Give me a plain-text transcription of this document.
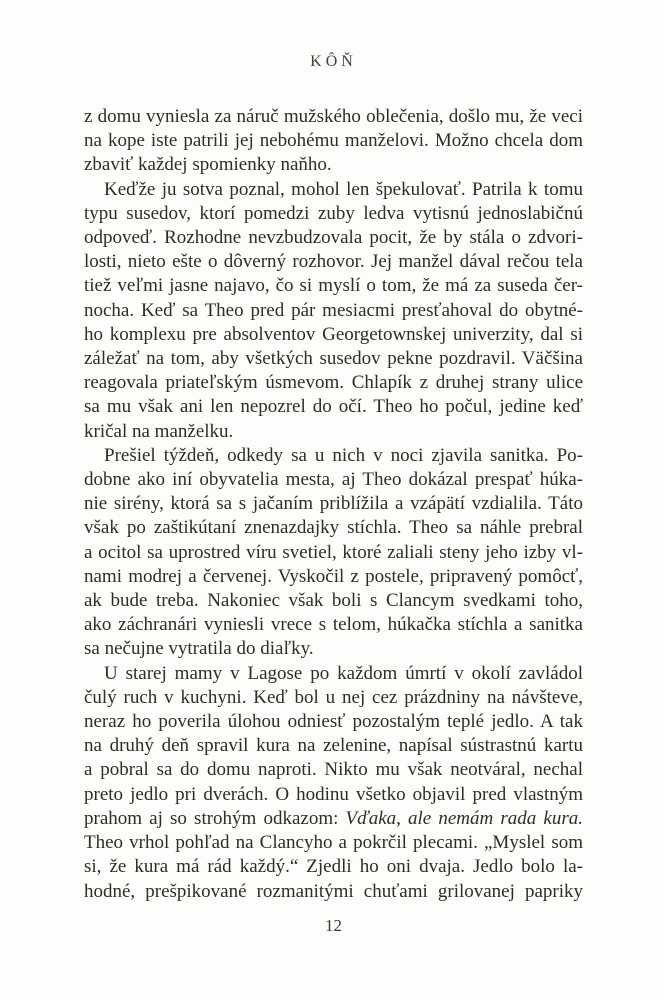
KÔŇ
z domu vyniesla za náruč mužského oblečenia, došlo mu, že veci
na kope iste patrili jej nebohému manželovi. Možno chcela dom
zbaviť každej spomienky naňho.
Keďže ju sotva poznal, mohol len špekulovať. Patrila k tomu
typu susedov, ktorí pomedzi zuby ledva vytisnú jednoslabičnú
odpoveď. Rozhodne nevzbudzovala pocit, že by stála o zdvori-
losti, nieto ešte o dôverný rozhovor. Jej manžel dával rečou tela
tiež veľmi jasne najavo, čo si myslí o tom, že má za suseda čer-
nocha. Keď sa Theo pred pár mesiacmi presťahoval do obytné-
ho komplexu pre absolventov Georgetownskej univerzity, dal si
záležať na tom, aby všetkých susedov pekne pozdravil. Väčšina
reagovala priateľským úsmevom. Chlapík z druhej strany ulice
sa mu však ani len nepozrel do očí. Theo ho počul, jedine keď
kričal na manželku.
Prešiel týždeň, odkedy sa u nich v noci zjavila sanitka. Po-
dobne ako iní obyvatelia mesta, aj Theo dokázal prespať húka-
nie sirény, ktorá sa s jačaním priblížila a vzápätí vzdialila. Táto
však po zaštikútaní znenazdajky stíchla. Theo sa náhle prebral
a ocitol sa uprostred víru svetiel, ktoré zaliali steny jeho izby vl-
nami modrej a červenej. Vyskočil z postele, pripravený pomôcť,
ak bude treba. Nakoniec však boli s Clancym svedkami toho,
ako záchranári vyniesli vrece s telom, húkačka stíchla a sanitka
sa nečujne vytratila do diaľky.
U starej mamy v Lagose po každom úmrtí v okolí zavládol
čulý ruch v kuchyni. Keď bol u nej cez prázdniny na návšteve,
neraz ho poverila úlohou odniesť pozostalým teplé jedlo. A tak
na druhý deň spravil kura na zelenine, napísal sústrastnú kartu
a pobral sa do domu naproti. Nikto mu však neotváral, nechal
preto jedlo pri dverách. O hodinu všetko objavil pred vlastným
prahom aj so strohým odkazom: Vďaka, ale nemám rada kura.
Theo vrhol pohľad na Clancyho a pokrčil plecami. „Myslel som
si, že kura má rád každý.“ Zjedli ho oni dvaja. Jedlo bolo la-
hodné, prešpikované rozmanitými chuťami grilovanej papriky
12
